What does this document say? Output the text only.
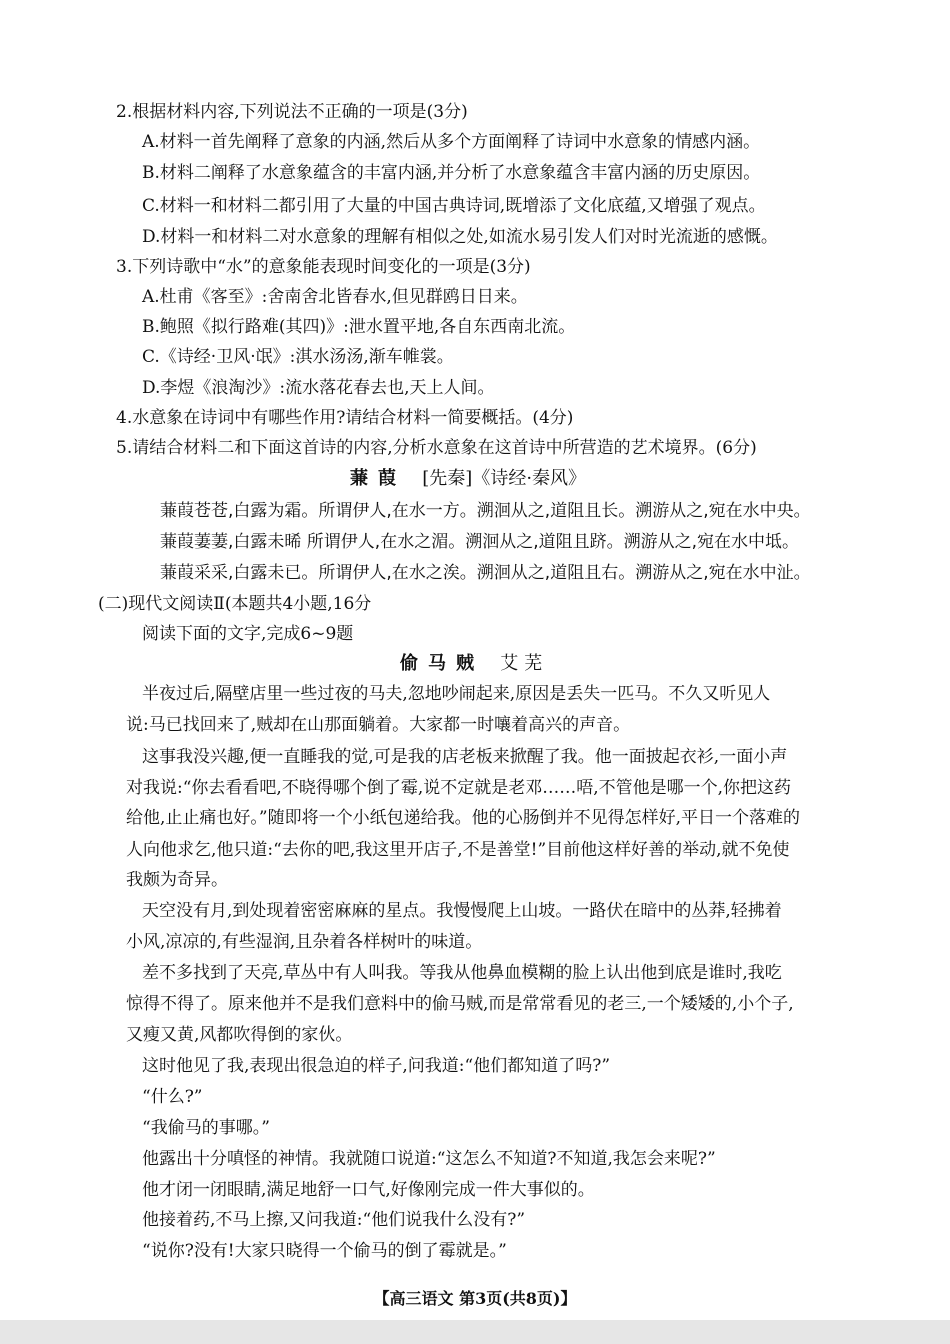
2.根据材料内容,下列说法不正确的一项是(3分)
A.材料一首先阐释了意象的内涵,然后从多个方面阐释了诗词中水意象的情感内涵。
B.材料二阐释了水意象蕴含的丰富内涵,并分析了水意象蕴含丰富内涵的历史原因。
C.材料一和材料二都引用了大量的中国古典诗词,既增添了文化底蕴,又增强了观点。
D.材料一和材料二对水意象的理解有相似之处,如流水易引发人们对时光流逝的感慨。
3.下列诗歌中“水”的意象能表现时间变化的一项是(3分)
A.杜甫《客至》:舍南舍北皆春水,但见群鸥日日来。
B.鲍照《拟行路难(其四)》:泄水置平地,各自东西南北流。
C.《诗经·卫风·氓》:淇水汤汤,渐车帷裳。
D.李煜《浪淘沙》:流水落花春去也,天上人间。
4.水意象在诗词中有哪些作用?请结合材料一简要概括。(4分)
5.请结合材料二和下面这首诗的内容,分析水意象在这首诗中所营造的艺术境界。(6分)
蒹葭 [先秦]《诗经·秦风》
蒹葭苍苍,白露为霜。所谓伊人,在水一方。溯洄从之,道阻且长。溯游从之,宛在水中央。
蒹葭萋萋,白露未晞 所谓伊人,在水之湄。溯洄从之,道阻且跻。溯游从之,宛在水中坻。
蒹葭采采,白露未已。所谓伊人,在水之涘。溯洄从之,道阻且右。溯游从之,宛在水中沚。
(二)现代文阅读Ⅱ(本题共4小题,16分
阅读下面的文字,完成6~9题
偷马贼 艾芜
半夜过后,隔壁店里一些过夜的马夫,忽地吵闹起来,原因是丢失一匹马。不久又听见人
说:马已找回来了,贼却在山那面躺着。大家都一时嚷着高兴的声音。
这事我没兴趣,便一直睡我的觉,可是我的店老板来掀醒了我。他一面披起衣衫,一面小声
对我说:“你去看看吧,不晓得哪个倒了霉,说不定就是老邓……唔,不管他是哪一个,你把这药
给他,止止痛也好。”随即将一个小纸包递给我。他的心肠倒并不见得怎样好,平日一个落难的
人向他求乞,他只道:“去你的吧,我这里开店子,不是善堂!”目前他这样好善的举动,就不免使
我颇为奇异。
天空没有月,到处现着密密麻麻的星点。我慢慢爬上山坡。一路伏在暗中的丛莽,轻拂着
小风,凉凉的,有些湿润,且杂着各样树叶的味道。
差不多找到了天亮,草丛中有人叫我。等我从他鼻血模糊的脸上认出他到底是谁时,我吃
惊得不得了。原来他并不是我们意料中的偷马贼,而是常常看见的老三,一个矮矮的,小个子,
又瘦又黄,风都吹得倒的家伙。
这时他见了我,表现出很急迫的样子,问我道:“他们都知道了吗?”
“什么?”
“我偷马的事哪。”
他露出十分嗔怪的神情。我就随口说道:“这怎么不知道?不知道,我怎会来呢?”
他才闭一闭眼睛,满足地舒一口气,好像刚完成一件大事似的。
他接着药,不马上擦,又问我道:“他们说我什么没有?”
“说你?没有!大家只晓得一个偷马的倒了霉就是。”
【高三语文 第3页(共8页)】
